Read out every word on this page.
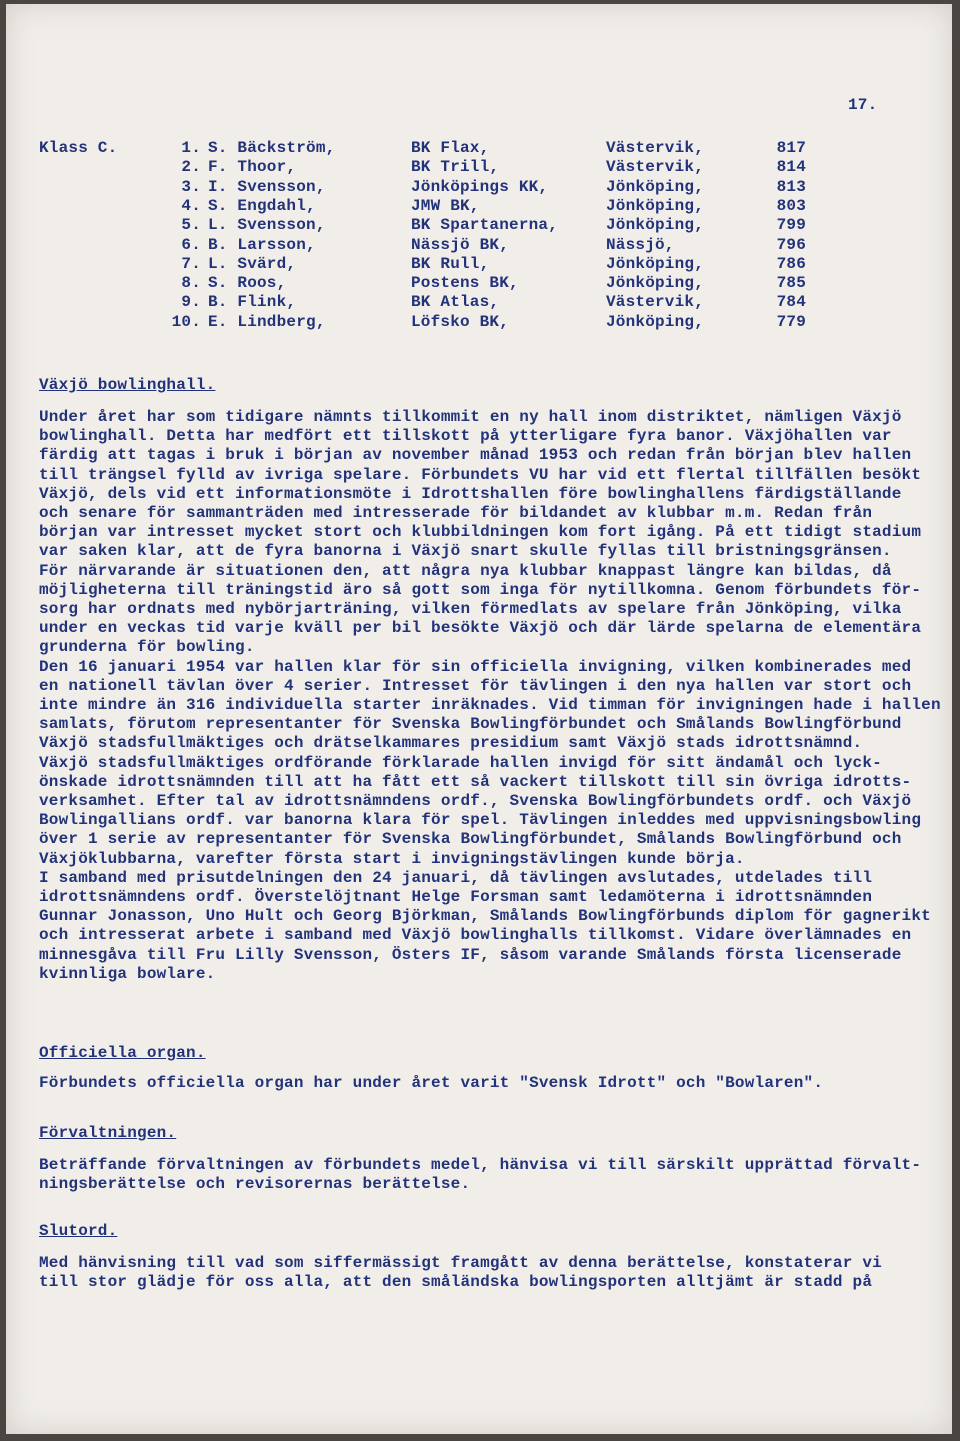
17.
Klass C.	1. S. Bäckström,	BK Flax,	Västervik,	817
2. F. Thoor,	BK Trill,	Västervik,	814
3. I. Svensson,	Jönköpings KK,	Jönköping,	813
4. S. Engdahl,	JMW BK,	Jönköping,	803
5. L. Svensson,	BK Spartanerna,	Jönköping,	799
6. B. Larsson,	Nässjö BK,	Nässjö,	796
7. L. Svärd,	BK Rull,	Jönköping,	786
8. S. Roos,	Postens BK,	Jönköping,	785
9. B. Flink,	BK Atlas,	Västervik,	784
10. E. Lindberg,	Löfsko BK,	Jönköping,	779
Växjö bowlinghall.

Under året har som tidigare nämnts tillkommit en ny hall inom distriktet, nämligen Växjö
bowlinghall. Detta har medfört ett tillskott på ytterligare fyra banor. Växjöhallen var
färdig att tagas i bruk i början av november månad 1953 och redan från början blev hallen
till trängsel fylld av ivriga spelare. Förbundets VU har vid ett flertal tillfällen besökt
Växjö, dels vid ett informationsmöte i Idrottshallen före bowlinghallens färdigställande
och senare för sammanträden med intresserade för bildandet av klubbar m.m. Redan från
början var intresset mycket stort och klubbildningen kom fort igång. På ett tidigt stadium
var saken klar, att de fyra banorna i Växjö snart skulle fyllas till bristningsgränsen.
För närvarande är situationen den, att några nya klubbar knappast längre kan bildas, då
möjligheterna till träningstid äro så gott som inga för nytillkomna. Genom förbundets för-
sorg har ordnats med nybörjarträning, vilken förmedlats av spelare från Jönköping, vilka
under en veckas tid varje kväll per bil besökte Växjö och där lärde spelarna de elementära
grunderna för bowling.
Den 16 januari 1954 var hallen klar för sin officiella invigning, vilken kombinerades med
en nationell tävlan över 4 serier. Intresset för tävlingen i den nya hallen var stort och
inte mindre än 316 individuella starter inräknades. Vid timman för invigningen hade i hallen
samlats, förutom representanter för Svenska Bowlingförbundet och Smålands Bowlingförbund
Växjö stadsfullmäktiges och drätselkammares presidium samt Växjö stads idrottsnämnd.
Växjö stadsfullmäktiges ordförande förklarade hallen invigd för sitt ändamål och lyck-
önskade idrottsnämnden till att ha fått ett så vackert tillskott till sin övriga idrotts-
verksamhet. Efter tal av idrottsnämndens ordf., Svenska Bowlingförbundets ordf. och Växjö
Bowlingallians ordf. var banorna klara för spel. Tävlingen inleddes med uppvisningsbowling
över 1 serie av representanter för Svenska Bowlingförbundet, Smålands Bowlingförbund och
Växjöklubbarna, varefter första start i invigningstävlingen kunde börja.
I samband med prisutdelningen den 24 januari, då tävlingen avslutades, utdelades till
idrottsnämndens ordf. Överstelöjtnant Helge Forsman samt ledamöterna i idrottsnämnden
Gunnar Jonasson, Uno Hult och Georg Björkman, Smålands Bowlingförbunds diplom för gagnerikt
och intresserat arbete i samband med Växjö bowlinghalls tillkomst. Vidare överlämnades en
minnesgåva till Fru Lilly Svensson, Östers IF, såsom varande Smålands första licenserade
kvinnliga bowlare.

Officiella organ.

Förbundets officiella organ har under året varit "Svensk Idrott" och "Bowlaren".

Förvaltningen.

Beträffande förvaltningen av förbundets medel, hänvisa vi till särskilt upprättad förvalt-
ningsberättelse och revisorernas berättelse.

Slutord.

Med hänvisning till vad som siffermässigt framgått av denna berättelse, konstaterar vi
till stor glädje för oss alla, att den småländska bowlingsporten alltjämt är stadd på
